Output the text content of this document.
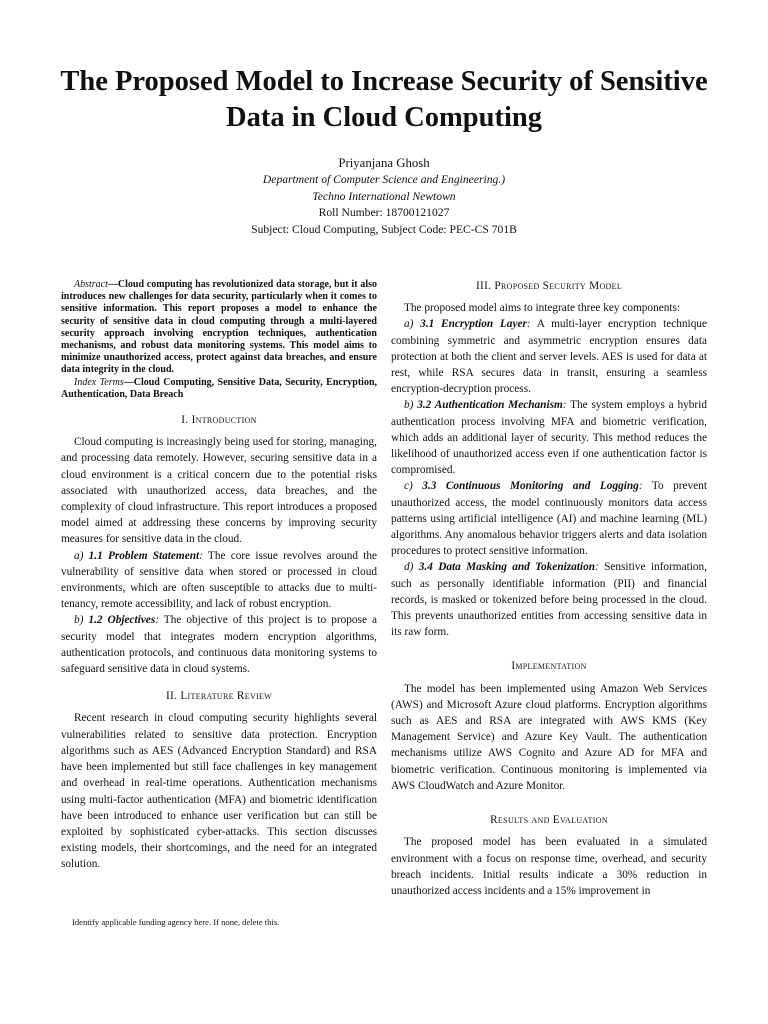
The Proposed Model to Increase Security of Sensitive Data in Cloud Computing
Priyanjana Ghosh
Department of Computer Science and Engineering.)
Techno International Newtown
Roll Number: 18700121027
Subject: Cloud Computing, Subject Code: PEC-CS 701B

Abstract—Cloud computing has revolutionized data storage, but it also introduces new challenges for data security, particularly when it comes to sensitive information. This report proposes a model to enhance the security of sensitive data in cloud computing through a multi-layered security approach involving encryption techniques, authentication mechanisms, and robust data monitoring systems. This model aims to minimize unauthorized access, protect against data breaches, and ensure data integrity in the cloud.

Index Terms—Cloud Computing, Sensitive Data, Security, Encryption, Authentication, Data Breach

I. Introduction

Cloud computing is increasingly being used for storing, managing, and processing data remotely. However, securing sensitive data in a cloud environment is a critical concern due to the potential risks associated with unauthorized access, data breaches, and the complexity of cloud infrastructure. This report introduces a proposed model aimed at addressing these concerns by improving security measures for sensitive data in the cloud.

a) 1.1 Problem Statement: The core issue revolves around the vulnerability of sensitive data when stored or processed in cloud environments, which are often susceptible to attacks due to multi-tenancy, remote accessibility, and lack of robust encryption.

b) 1.2 Objectives: The objective of this project is to propose a security model that integrates modern encryption algorithms, authentication protocols, and continuous data monitoring systems to safeguard sensitive data in cloud systems.

II. Literature Review

Recent research in cloud computing security highlights several vulnerabilities related to sensitive data protection. Encryption algorithms such as AES (Advanced Encryption Standard) and RSA have been implemented but still face challenges in key management and overhead in real-time operations. Authentication mechanisms using multi-factor authentication (MFA) and biometric identification have been introduced to enhance user verification but can still be exploited by sophisticated cyber-attacks. This section discusses existing models, their shortcomings, and the need for an integrated solution.

Identify applicable funding agency here. If none, delete this.
III. Proposed Security Model

The proposed model aims to integrate three key components:

a) 3.1 Encryption Layer: A multi-layer encryption technique combining symmetric and asymmetric encryption ensures data protection at both the client and server levels. AES is used for data at rest, while RSA secures data in transit, ensuring a seamless encryption-decryption process.

b) 3.2 Authentication Mechanism: The system employs a hybrid authentication process involving MFA and biometric verification, which adds an additional layer of security. This method reduces the likelihood of unauthorized access even if one authentication factor is compromised.

c) 3.3 Continuous Monitoring and Logging: To prevent unauthorized access, the model continuously monitors data access patterns using artificial intelligence (AI) and machine learning (ML) algorithms. Any anomalous behavior triggers alerts and data isolation procedures to protect sensitive information.

d) 3.4 Data Masking and Tokenization: Sensitive information, such as personally identifiable information (PII) and financial records, is masked or tokenized before being processed in the cloud. This prevents unauthorized entities from accessing sensitive data in its raw form.

Implementation

The model has been implemented using Amazon Web Services (AWS) and Microsoft Azure cloud platforms. Encryption algorithms such as AES and RSA are integrated with AWS KMS (Key Management Service) and Azure Key Vault. The authentication mechanisms utilize AWS Cognito and Azure AD for MFA and biometric verification. Continuous monitoring is implemented via AWS CloudWatch and Azure Monitor.

Results and Evaluation

The proposed model has been evaluated in a simulated environment with a focus on response time, overhead, and security breach incidents. Initial results indicate a 30% reduction in unauthorized access incidents and a 15% improvement in
